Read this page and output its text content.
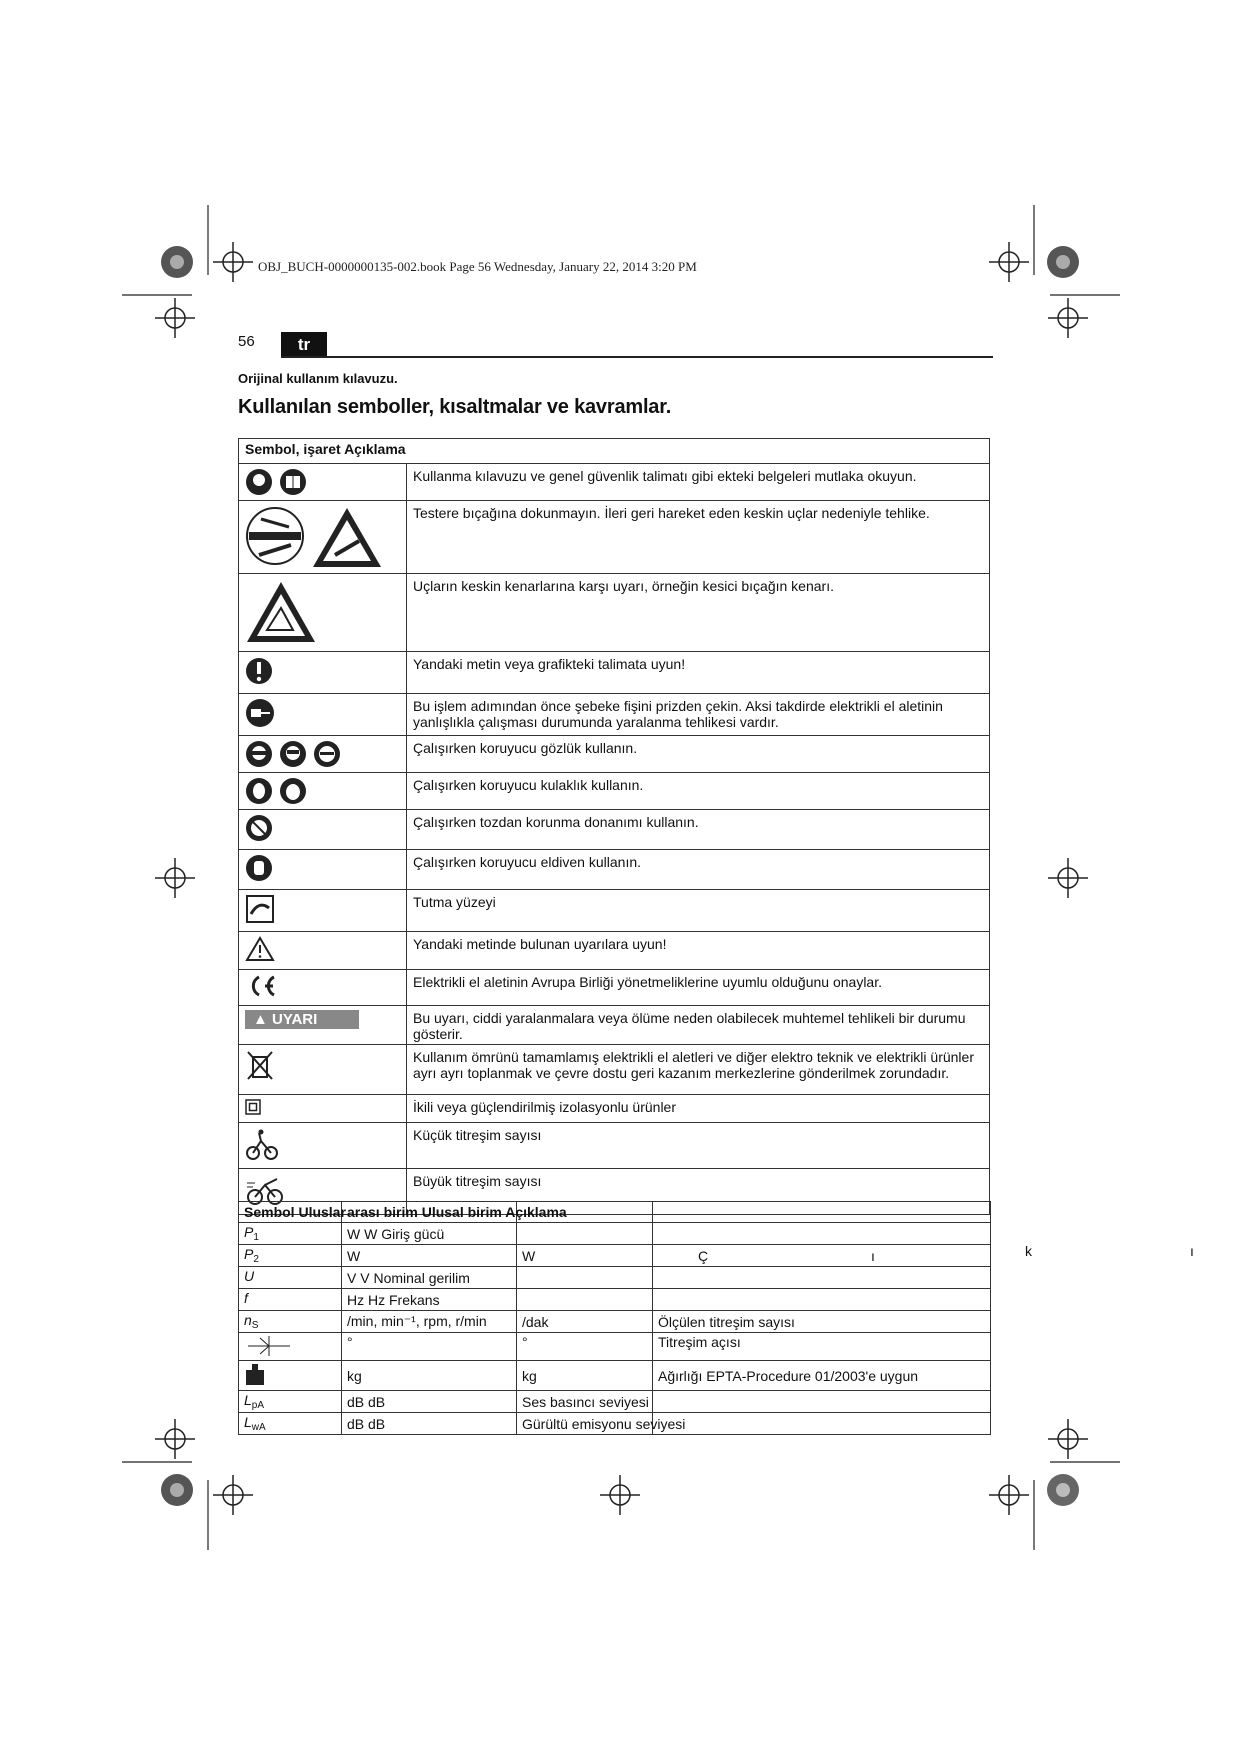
OBJ_BUCH-0000000135-002.book Page 56 Wednesday, January 22, 2014 3:20 PM
56	tr
Orijinal kullanım kılavuzu.
Kullanılan semboller, kısaltmalar ve kavramlar.
Sembol, işaret Açıklama	

	Kullanma kılavuzu ve genel güvenlik talimatı gibi ekteki belgeleri mutlaka okuyun.

	Testere bıçağına dokunmayın. İleri geri hareket eden keskin uçlar nedeniyle tehlike.
	Uçların keskin kenarlarına karşı uyarı, örneğin kesici bıçağın kenarı.
	Yandaki metin veya grafikteki talimata uyun!
	Bu işlem adımından önce şebeke fişini prizden çekin. Aksi takdirde elektrikli el aletinin yanlışlıkla çalışması durumunda yaralanma tehlikesi vardır.

	Çalışırken koruyucu gözlük kullanın.

	Çalışırken koruyucu kulaklık kullanın.
	Çalışırken tozdan korunma donanımı kullanın.
	Çalışırken koruyucu eldiven kullanın.
	Tutma yüzeyi
	Yandaki metinde bulunan uyarılara uyun!
	Elektrikli el aletinin Avrupa Birliği yönetmeliklerine uyumlu olduğunu onaylar.
▲ UYARI	Bu uyarı, ciddi yaralanmalara veya ölüme neden olabilecek muhtemel tehlikeli bir durumu gösterir.
	Kullanım ömrünü tamamlamış elektrikli el aletleri ve diğer elektro teknik ve elektrikli ürünler ayrı ayrı toplanmak ve çevre dostu geri kazanım merkezlerine gönderilmek zorundadır.
	İkili veya güçlendirilmiş izolasyonlu ürünler
	Küçük titreşim sayısı
	Büyük titreşim sayısı
Sembol Uluslar	arası birim Ulusal birim Açıklama		
$P_1$	W W Giriş gücü		
$P_2$	W	W	Ç ı

U	V V Nominal gerilim		
f	Hz Hz Frekans		
$n_S$	/min, min⁻¹, rpm, r/min	/dak	Ölçülen titreşim sayısı
	°	°	Titreşim açısı
	kg	kg	Ağırlığı EPTA-Procedure 01/2003'e uygun
$L_{pA}$	dB dB	Ses basıncı seviyesi	
$L_{wA}$	dB dB	Gürültü emisyonu seviyesi	
k	ı
